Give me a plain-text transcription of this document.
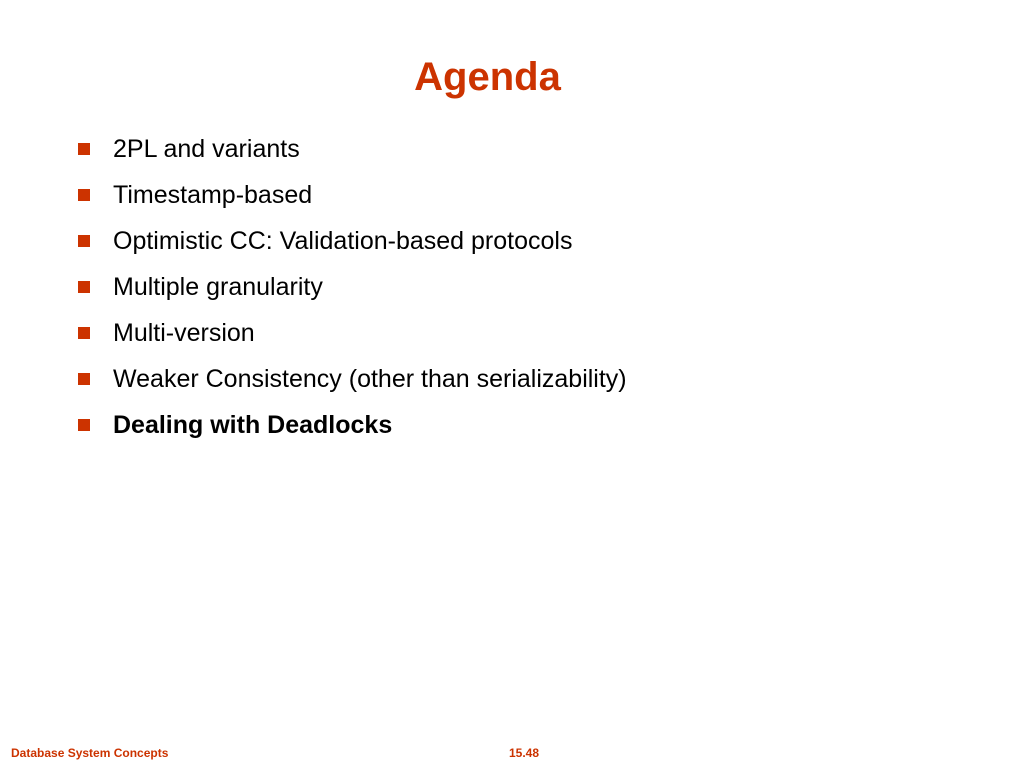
Agenda
2PL and variants
Timestamp-based
Optimistic CC: Validation-based protocols
Multiple granularity
Multi-version
Weaker Consistency (other than serializability)
Dealing with Deadlocks
Database System Concepts	15.48
